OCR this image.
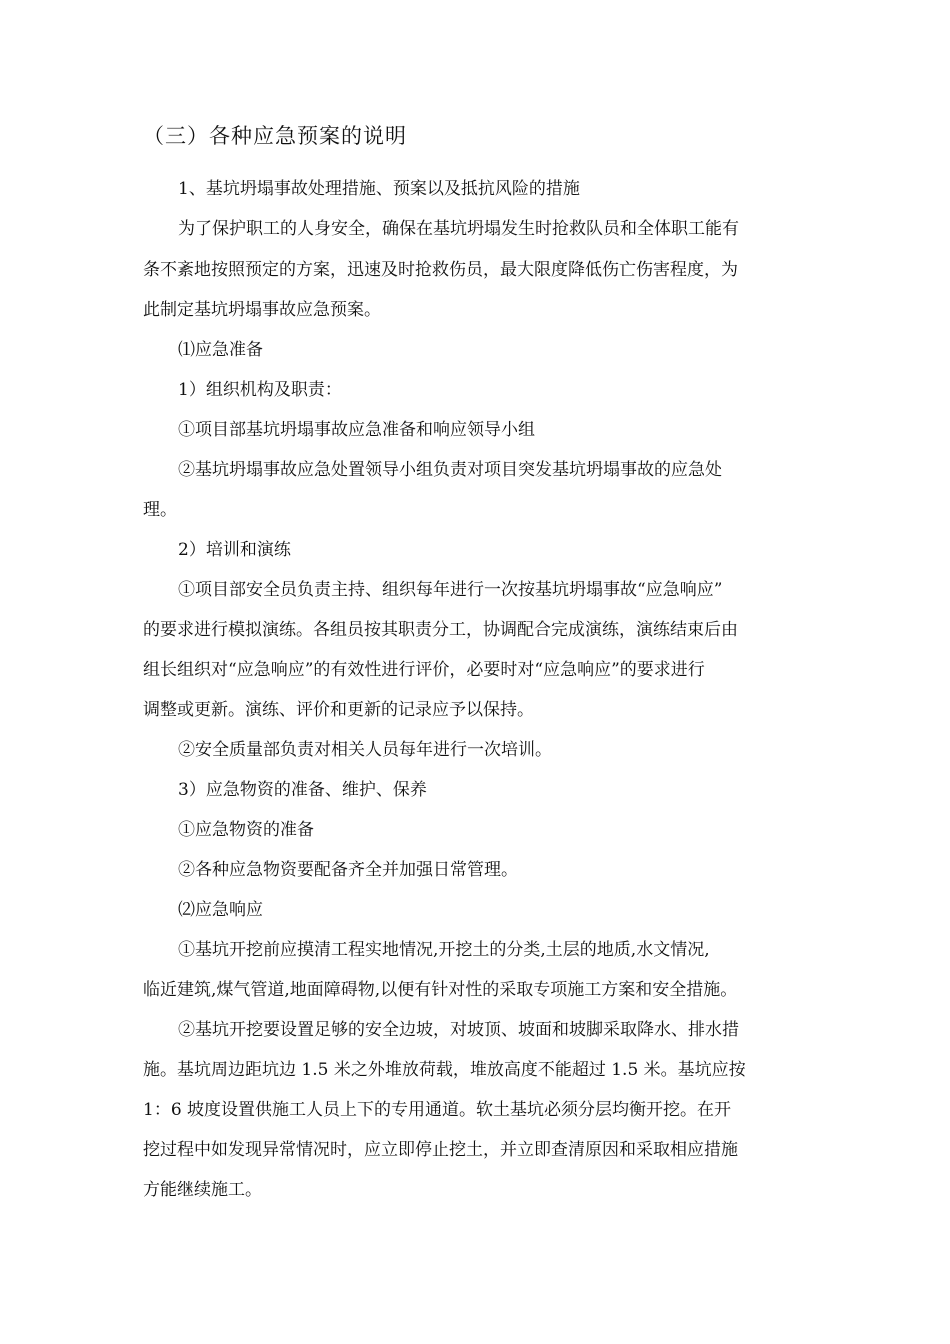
（三）各种应急预案的说明
1、基坑坍塌事故处理措施、预案以及抵抗风险的措施
为了保护职工的人身安全，确保在基坑坍塌发生时抢救队员和全体职工能有
条不紊地按照预定的方案，迅速及时抢救伤员，最大限度降低伤亡伤害程度，为
此制定基坑坍塌事故应急预案。
⑴应急准备
1）组织机构及职责：
①项目部基坑坍塌事故应急准备和响应领导小组
②基坑坍塌事故应急处置领导小组负责对项目突发基坑坍塌事故的应急处
理。
2）培训和演练
①项目部安全员负责主持、组织每年进行一次按基坑坍塌事故“应急响应”
的要求进行模拟演练。各组员按其职责分工，协调配合完成演练，演练结束后由
组长组织对“应急响应”的有效性进行评价，必要时对“应急响应”的要求进行
调整或更新。演练、评价和更新的记录应予以保持。
②安全质量部负责对相关人员每年进行一次培训。
3）应急物资的准备、维护、保养
①应急物资的准备
②各种应急物资要配备齐全并加强日常管理。
⑵应急响应
①基坑开挖前应摸清工程实地情况,开挖土的分类,土层的地质,水文情况,
临近建筑,煤气管道,地面障碍物,以便有针对性的采取专项施工方案和安全措施。
②基坑开挖要设置足够的安全边坡，对坡顶、坡面和坡脚采取降水、排水措
施。基坑周边距坑边 1.5 米之外堆放荷载，堆放高度不能超过 1.5 米。基坑应按
1：6 坡度设置供施工人员上下的专用通道。软土基坑必须分层均衡开挖。在开
挖过程中如发现异常情况时，应立即停止挖土，并立即查清原因和采取相应措施
方能继续施工。
